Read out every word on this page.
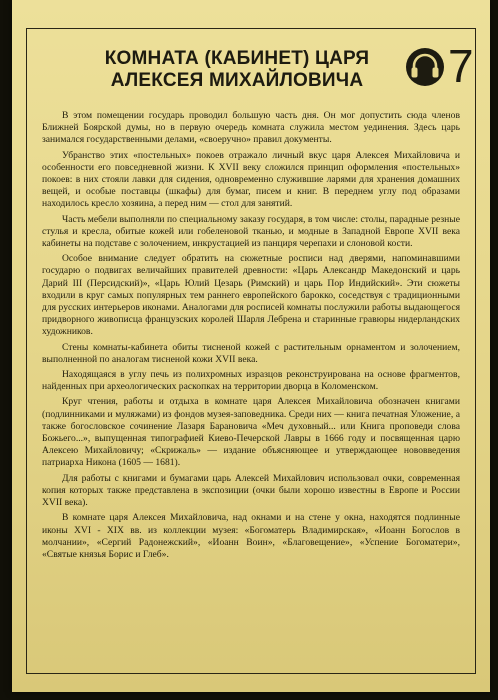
КОМНАТА (КАБИНЕТ) ЦАРЯ АЛЕКСЕЯ МИХАЙЛОВИЧА	7

В этом помещении государь проводил большую часть дня. Он мог допустить сюда членов Ближней Боярской думы, но в первую очередь комната служила местом уединения. Здесь царь занимался государственными делами, «своеручно» правил документы.

Убранство этих «постельных» покоев отражало личный вкус царя Алексея Михайловича и особенности его повседневной жизни. К XVII веку сложился принцип оформления «постельных» покоев: в них стояли лавки для сидения, одновременно служившие ларями для хранения домашних вещей, и особые поставцы (шкафы) для бумаг, писем и книг. В переднем углу под образами находилось кресло хозяина, а перед ним — стол для занятий.

Часть мебели выполняли по специальному заказу государя, в том числе: столы, парадные резные стулья и кресла, обитые кожей или гобеленовой тканью, и модные в Западной Европе XVII века кабинеты на подставе с золочением, инкрустацией из панциря черепахи и слоновой кости.

Особое внимание следует обратить на сюжетные росписи над дверями, напоминавшими государю о подвигах величайших правителей древности: «Царь Александр Македонский и царь Дарий III (Персидский)», «Царь Юлий Цезарь (Римский) и царь Пор Индийский». Эти сюжеты входили в круг самых популярных тем раннего европейского барокко, соседствуя с традиционными для русских интерьеров иконами. Аналогами для росписей комнаты послужили работы выдающегося придворного живописца французских королей Шарля Лебрена и старинные гравюры нидерландских художников.

Стены комнаты-кабинета обиты тисненой кожей с растительным орнаментом и золочением, выполненной по аналогам тисненой кожи XVII века.

Находящаяся в углу печь из полихромных изразцов реконструирована на основе фрагментов, найденных при археологических раскопках на территории дворца в Коломенском.

Круг чтения, работы и отдыха в комнате царя Алексея Михайловича обозначен книгами (подлинниками и муляжами) из фондов музея-заповедника. Среди них — книга печатная Уложение, а также богословское сочинение Лазаря Барановича «Меч духовный... или Книга проповеди слова Божьего...», выпущенная типографией Киево-Печерской Лавры в 1666 году и посвященная царю Алексею Михайловичу; «Скрижаль» — издание объясняющее и утверждающее нововведения патриарха Никона (1605 — 1681).

Для работы с книгами и бумагами царь Алексей Михайлович использовал очки, современная копия которых также представлена в экспозиции (очки были хорошо известны в Европе и России XVII века).

В комнате царя Алексея Михайловича, над окнами и на стене у окна, находятся подлинные иконы XVI - XIX вв. из коллекции музея: «Богоматерь Владимирская», «Иоанн Богослов в молчании», «Сергий Радонежский», «Иоанн Воин», «Благовещение», «Успение Богоматери», «Святые князья Борис и Глеб».
